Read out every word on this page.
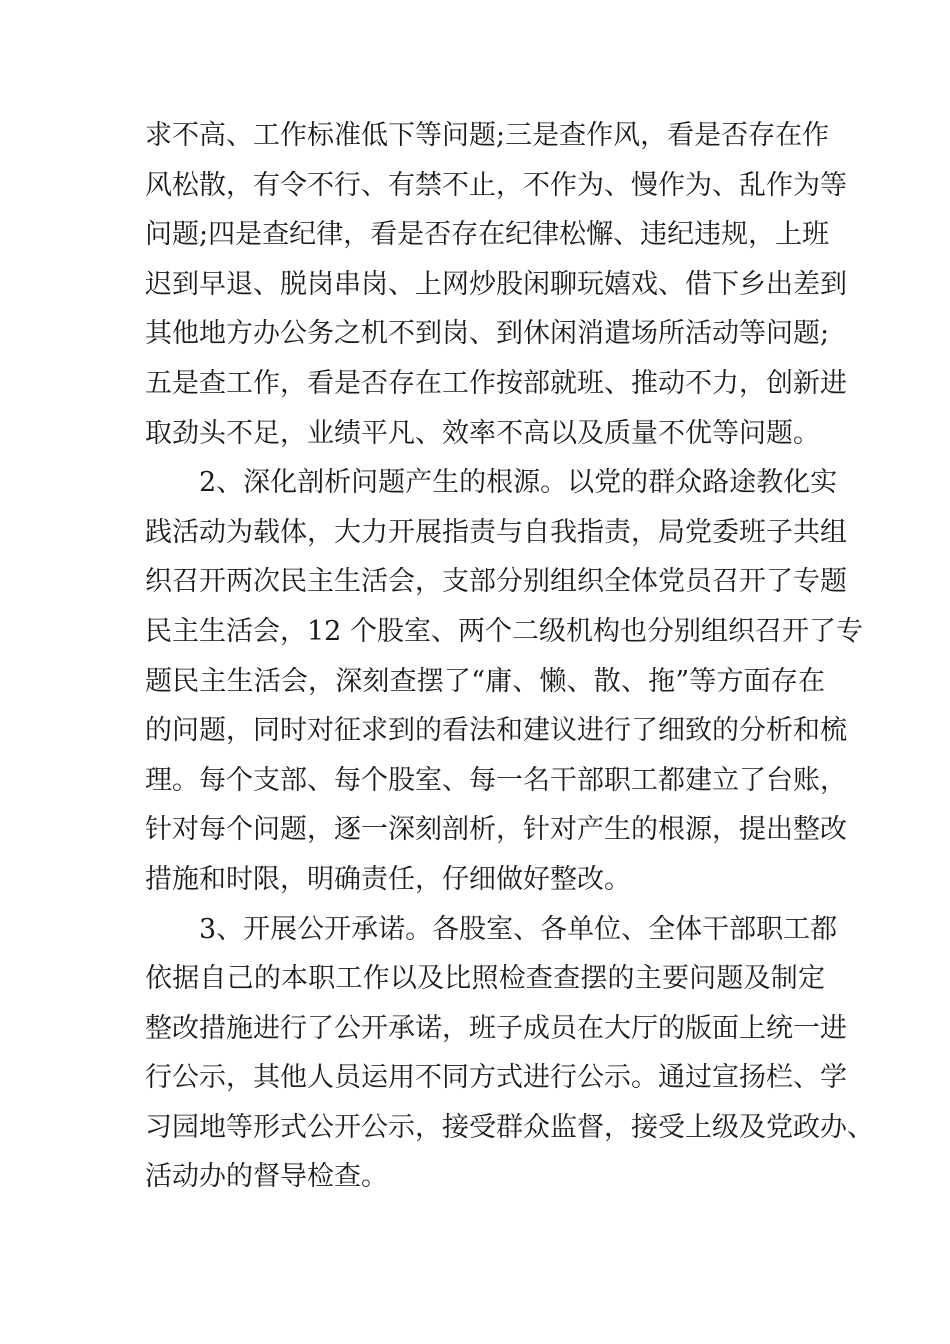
求不高、工作标准低下等问题;三是查作风，看是否存在作
风松散，有令不行、有禁不止，不作为、慢作为、乱作为等
问题;四是查纪律，看是否存在纪律松懈、违纪违规，上班
迟到早退、脱岗串岗、上网炒股闲聊玩嬉戏、借下乡出差到
其他地方办公务之机不到岗、到休闲消遣场所活动等问题;
五是查工作，看是否存在工作按部就班、推动不力，创新进
取劲头不足，业绩平凡、效率不高以及质量不优等问题。
2、深化剖析问题产生的根源。以党的群众路途教化实
践活动为载体，大力开展指责与自我指责，局党委班子共组
织召开两次民主生活会，支部分别组织全体党员召开了专题
民主生活会，12 个股室、两个二级机构也分别组织召开了专
题民主生活会，深刻查摆了“庸、懒、散、拖”等方面存在
的问题，同时对征求到的看法和建议进行了细致的分析和梳
理。每个支部、每个股室、每一名干部职工都建立了台账，
针对每个问题，逐一深刻剖析，针对产生的根源，提出整改
措施和时限，明确责任，仔细做好整改。
3、开展公开承诺。各股室、各单位、全体干部职工都
依据自己的本职工作以及比照检查查摆的主要问题及制定
整改措施进行了公开承诺，班子成员在大厅的版面上统一进
行公示，其他人员运用不同方式进行公示。通过宣扬栏、学
习园地等形式公开公示，接受群众监督，接受上级及党政办、
活动办的督导检查。
